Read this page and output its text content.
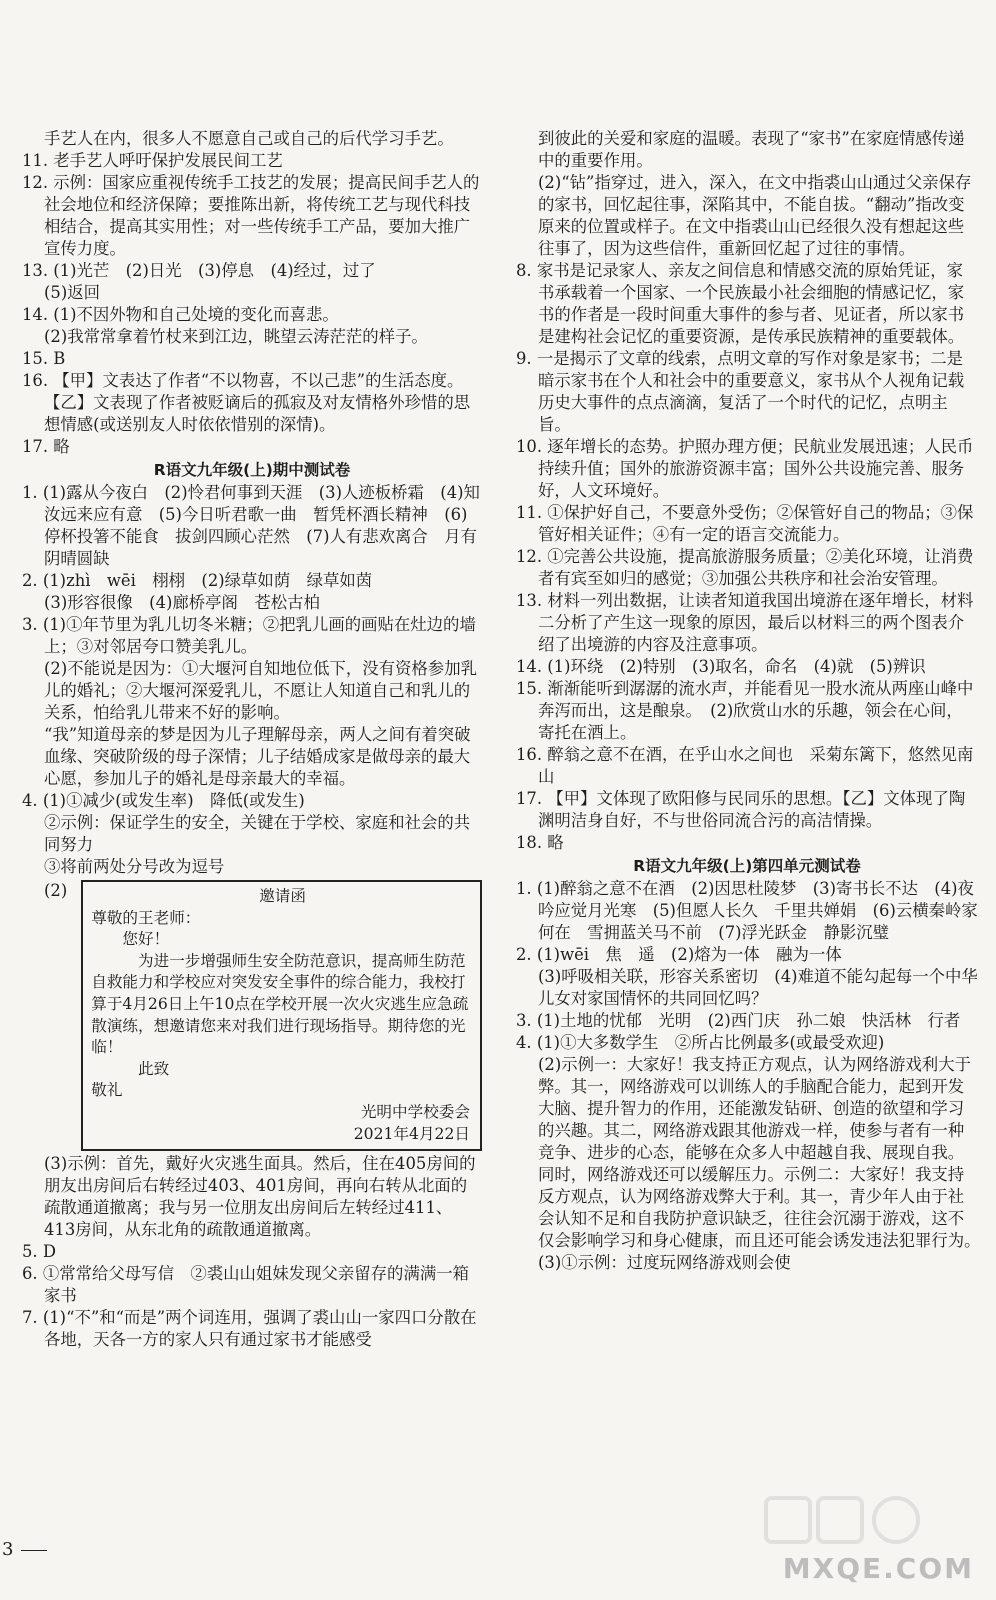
手艺人在内，很多人不愿意自己或自己的后代学习手艺。

11. 老手艺人呼吁保护发展民间工艺

12. 示例：国家应重视传统手工技艺的发展；提高民间手艺人的社会地位和经济保障；要推陈出新，将传统工艺与现代科技相结合，提高其实用性；对一些传统手工产品，要加大推广宣传力度。

13. (1)光芒　(2)日光　(3)停息　(4)经过，过了

(5)返回

14. (1)不因外物和自己处境的变化而喜悲。

(2)我常常拿着竹杖来到江边，眺望云涛茫茫的样子。

15. B

16. 【甲】文表达了作者“不以物喜，不以己悲”的生活态度。

【乙】文表现了作者被贬谪后的孤寂及对友情格外珍惜的思想情感(或送别友人时依依惜别的深情)。

17. 略

R语文九年级(上)期中测试卷

1. (1)露从今夜白　(2)怜君何事到天涯　(3)人迹板桥霜　(4)知汝远来应有意　(5)今日听君歌一曲　暂凭杯酒长精神　(6)停杯投箸不能食　拔剑四顾心茫然　(7)人有悲欢离合　月有阴晴圆缺

2. (1)zhì　wēi　栩栩　(2)绿草如荫　绿草如茵

(3)形容很像　(4)廊桥亭阁　苍松古柏

3. (1)①年节里为乳儿切冬米糖；②把乳儿画的画贴在灶边的墙上；③对邻居夸口赞美乳儿。

(2)不能说是因为：①大堰河自知地位低下，没有资格参加乳儿的婚礼；②大堰河深爱乳儿，不愿让人知道自己和乳儿的关系，怕给乳儿带来不好的影响。

“我”知道母亲的梦是因为儿子理解母亲，两人之间有着突破血缘、突破阶级的母子深情；儿子结婚成家是做母亲的最大心愿，参加儿子的婚礼是母亲最大的幸福。

4. (1)①减少(或发生率)　降低(或发生)

②示例：保证学生的安全，关键在于学校、家庭和社会的共同努力

③将前两处分号改为逗号

(2)	邀请函
尊敬的王老师：
您好！
为进一步增强师生安全防范意识，提高师生防范自救能力和学校应对突发安全事件的综合能力，我校打算于4月26日上午10点在学校开展一次火灾逃生应急疏散演练，想邀请您来对我们进行现场指导。期待您的光临！
此致
敬礼
光明中学校委会
2021年4月22日

(3)示例：首先，戴好火灾逃生面具。然后，住在405房间的朋友出房间后右转经过403、401房间，再向右转从北面的疏散通道撤离；我与另一位朋友出房间后左转经过411、413房间，从东北角的疏散通道撤离。

5. D

6. ①常常给父母写信　②裘山山姐妹发现父亲留存的满满一箱家书

7. (1)“不”和“而是”两个词连用，强调了裘山山一家四口分散在各地，天各一方的家人只有通过家书才能感受

到彼此的关爱和家庭的温暖。表现了“家书”在家庭情感传递中的重要作用。

(2)“钻”指穿过，进入，深入，在文中指裘山山通过父亲保存的家书，回忆起往事，深陷其中，不能自拔。“翻动”指改变原来的位置或样子。在文中指裘山山已经很久没有想起这些往事了，因为这些信件，重新回忆起了过往的事情。

8. 家书是记录家人、亲友之间信息和情感交流的原始凭证，家书承载着一个国家、一个民族最小社会细胞的情感记忆，家书的作者是一段时间重大事件的参与者、见证者，所以家书是建构社会记忆的重要资源，是传承民族精神的重要载体。

9. 一是揭示了文章的线索，点明文章的写作对象是家书；二是暗示家书在个人和社会中的重要意义，家书从个人视角记载历史大事件的点点滴滴，复活了一个时代的记忆，点明主旨。

10. 逐年增长的态势。护照办理方便；民航业发展迅速；人民币持续升值；国外的旅游资源丰富；国外公共设施完善、服务好，人文环境好。

11. ①保护好自己，不要意外受伤；②保管好自己的物品；③保管好相关证件；④有一定的语言交流能力。

12. ①完善公共设施，提高旅游服务质量；②美化环境，让消费者有宾至如归的感觉；③加强公共秩序和社会治安管理。

13. 材料一列出数据，让读者知道我国出境游在逐年增长，材料二分析了产生这一现象的原因，最后以材料三的两个图表介绍了出境游的内容及注意事项。

14. (1)环绕　(2)特别　(3)取名，命名　(4)就　(5)辨识

15. 渐渐能听到潺潺的流水声，并能看见一股水流从两座山峰中奔泻而出，这是酿泉。　(2)欣赏山水的乐趣，领会在心间，寄托在酒上。

16. 醉翁之意不在酒，在乎山水之间也　采菊东篱下，悠然见南山

17. 【甲】文体现了欧阳修与民同乐的思想。【乙】文体现了陶渊明洁身自好，不与世俗同流合污的高洁情操。

18. 略

R语文九年级(上)第四单元测试卷

1. (1)醉翁之意不在酒　(2)因思杜陵梦　(3)寄书长不达　(4)夜吟应觉月光寒　(5)但愿人长久　千里共婵娟　(6)云横秦岭家何在　雪拥蓝关马不前　(7)浮光跃金　静影沉璧

2. (1)wēi　焦　遥　(2)熔为一体　融为一体

(3)呼吸相关联，形容关系密切　(4)难道不能勾起每一个中华儿女对家国情怀的共同回忆吗？

3. (1)土地的忧郁　光明　(2)西门庆　孙二娘　快活林　行者

4. (1)①大多数学生　②所占比例最多(或最受欢迎)

(2)示例一：大家好！我支持正方观点，认为网络游戏利大于弊。其一，网络游戏可以训练人的手脑配合能力，起到开发大脑、提升智力的作用，还能激发钻研、创造的欲望和学习的兴趣。其二，网络游戏跟其他游戏一样，使参与者有一种竞争、进步的心态，能够在众多人中超越自我、展现自我。同时，网络游戏还可以缓解压力。示例二：大家好！我支持反方观点，认为网络游戏弊大于利。其一，青少年人由于社会认知不足和自我防护意识缺乏，往往会沉溺于游戏，这不仅会影响学习和身心健康，而且还可能会诱发违法犯罪行为。　(3)①示例：过度玩网络游戏则会使

3
MXQE.COM
